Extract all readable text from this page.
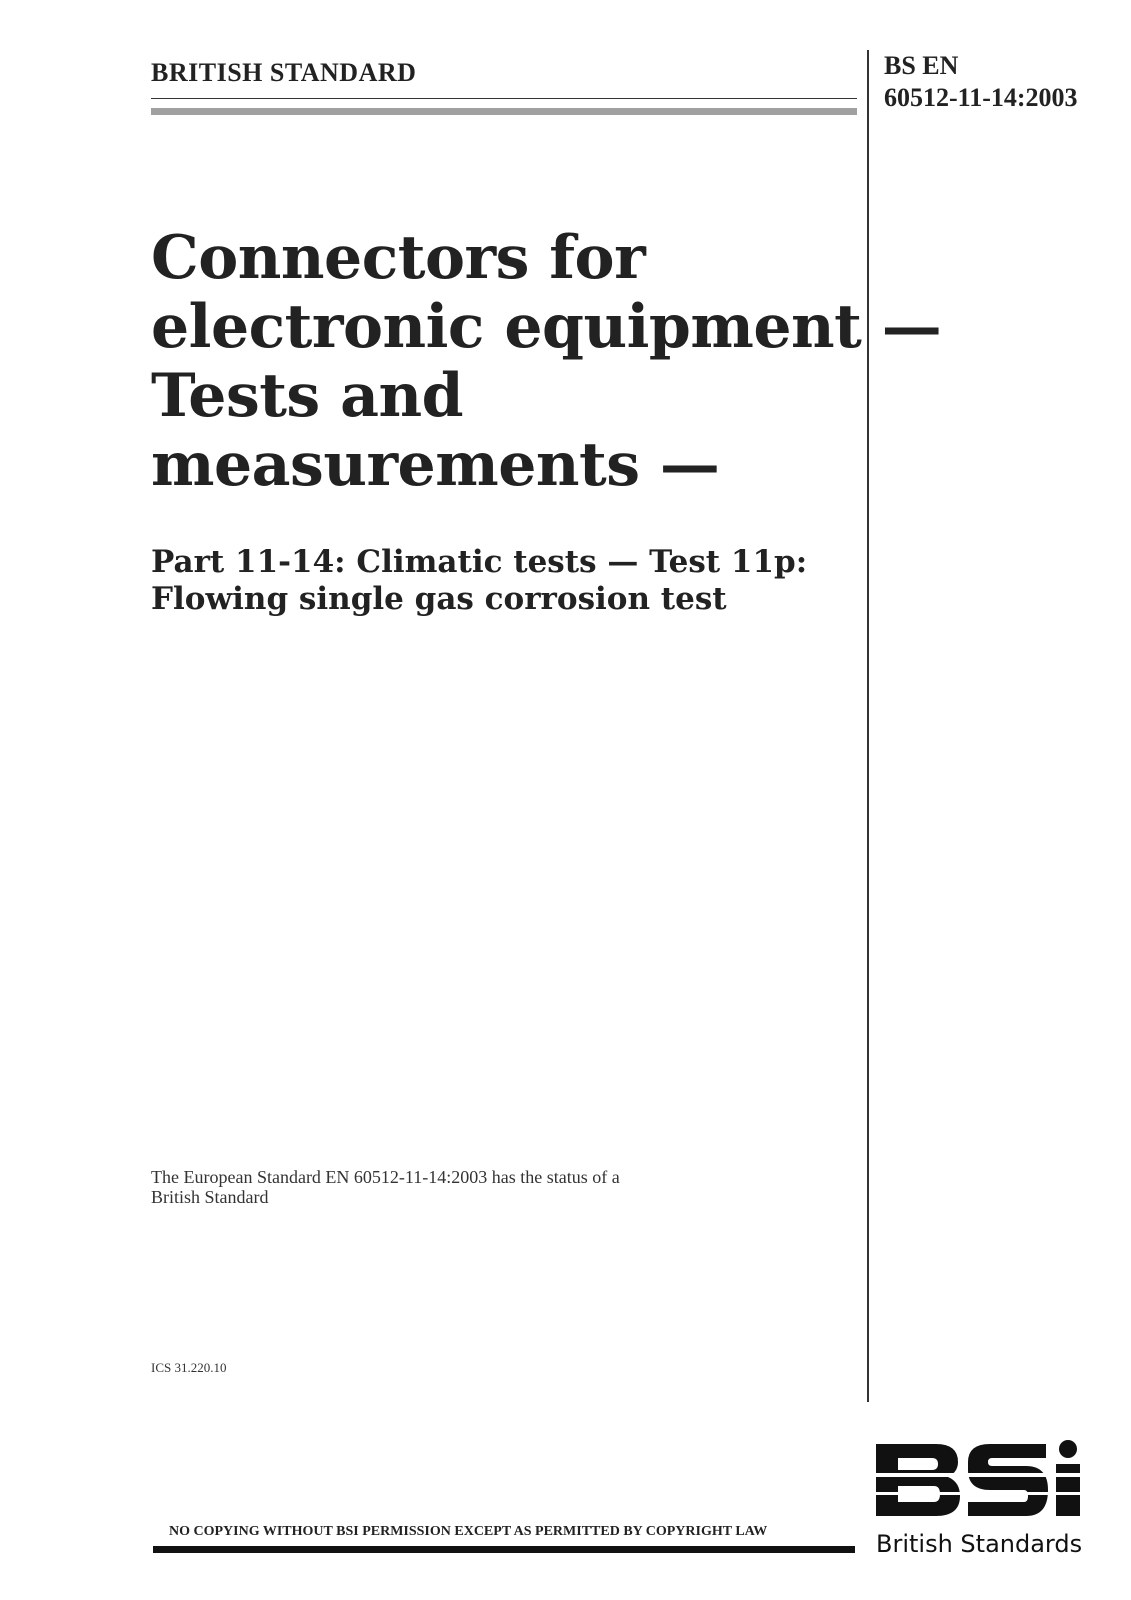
BRITISH STANDARD	BS EN
60512-11-14:2003
Connectors for
electronic equipment —
Tests and
measurements —
Part 11-14: Climatic tests — Test 11p:
Flowing single gas corrosion test
The European Standard EN 60512-11-14:2003 has the status of a
British Standard
ICS 31.220.10
NO COPYING WITHOUT BSI PERMISSION EXCEPT AS PERMITTED BY COPYRIGHT LAW	British Standards
